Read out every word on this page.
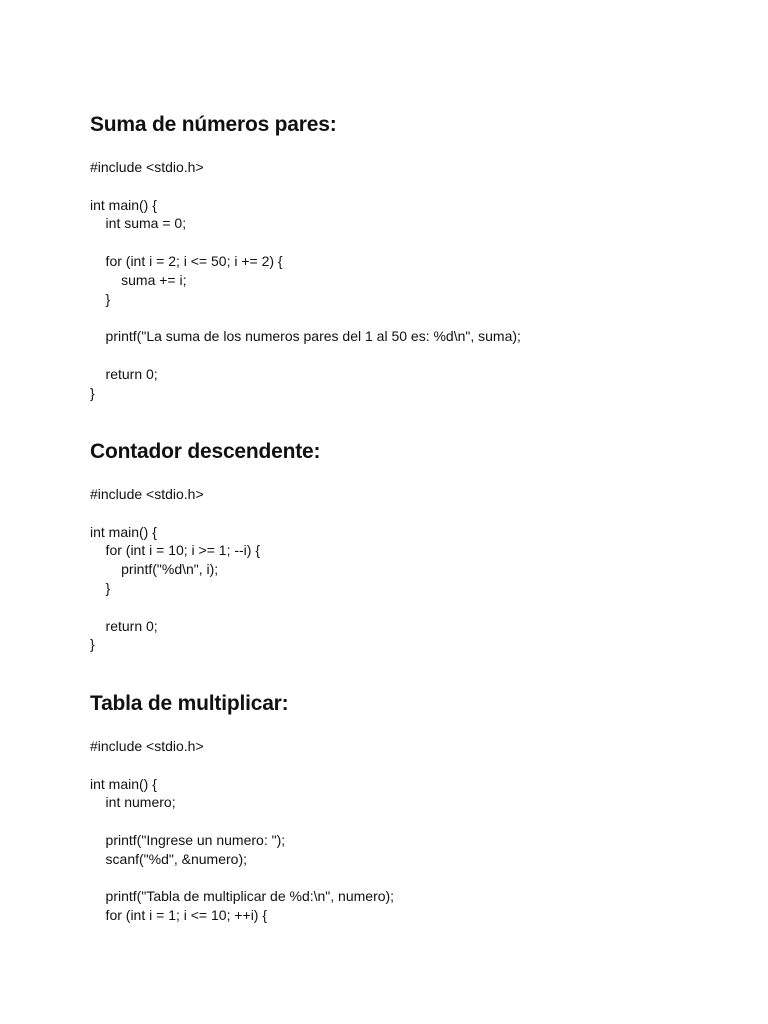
Suma de números pares:
#include <stdio.h>
int main() {
int suma = 0;
for (int i = 2; i <= 50; i += 2) {
suma += i;
}
printf("La suma de los numeros pares del 1 al 50 es: %d\n", suma);
return 0;
}
Contador descendente:
#include <stdio.h>
int main() {
for (int i = 10; i >= 1; --i) {
printf("%d\n", i);
}
return 0;
}
Tabla de multiplicar:
#include <stdio.h>
int main() {
int numero;
printf("Ingrese un numero: ");
scanf("%d", &numero);
printf("Tabla de multiplicar de %d:\n", numero);
for (int i = 1; i <= 10; ++i) {
